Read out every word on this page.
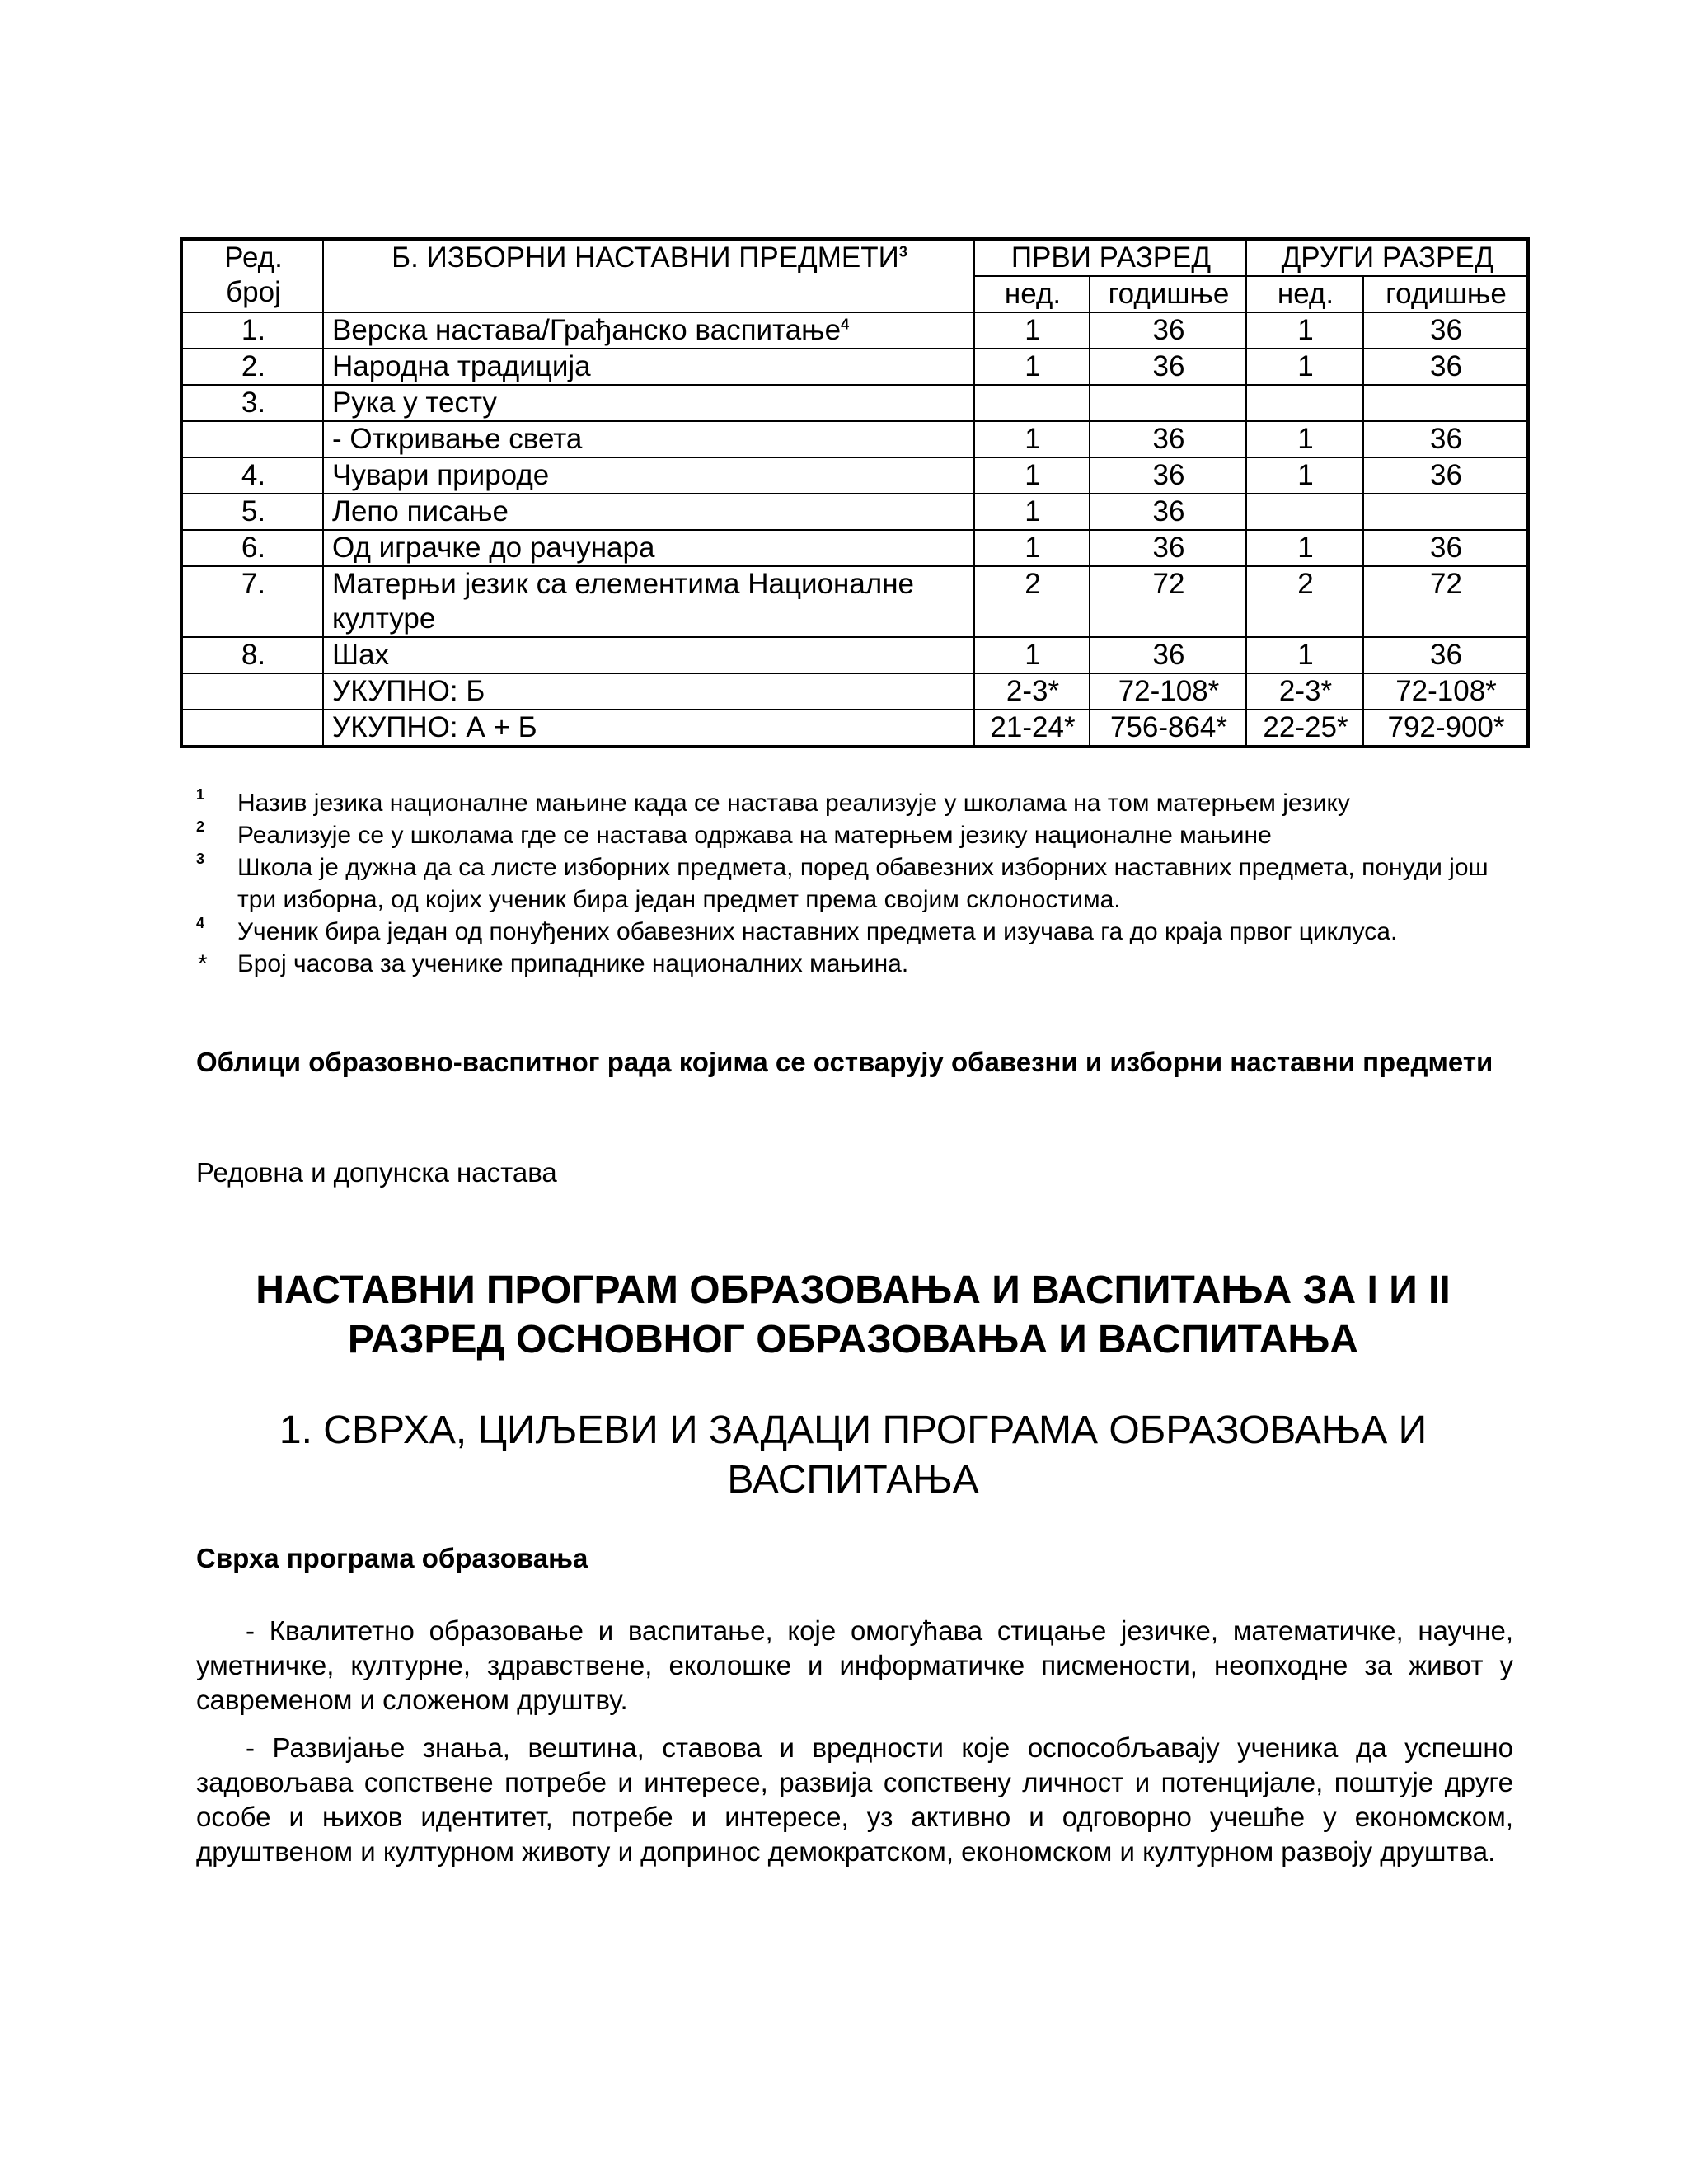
Ред.
број	Б. ИЗБОРНИ НАСТАВНИ ПРЕДМЕТИ$^3$	ПРВИ РАЗРЕД		ДРУГИ РАЗРЕД	
		нед.	годишње	нед.	годишње
1.	Верска настава/Грађанско васпитање$^4$	1	36	1	36
2.	Народна традиција	1	36	1	36
3.	Рука у тесту				
	- Откривање света	1	36	1	36
4.	Чувари природе	1	36	1	36
5.	Лепо писање	1	36		
6.	Од играчке до рачунара	1	36	1	36
7.	Матерњи језик са елементима Националне културе	2	72	2	72
8.	Шах	1	36	1	36
	УКУПНО: Б	2-3*	72-108*	2-3*	72-108*
	УКУПНО: А + Б	21-24*	756-864*	22-25*	792-900*
1 Назив језика националне мањине када се настава реализује у школама на том матерњем језику
2 Реализује се у школама где се настава одржава на матерњем језику националне мањине
3 Школа је дужна да са листе изборних предмета, поред обавезних изборних наставних предмета, понуди још три изборна, од којих ученик бира један предмет према својим склоностима.
4 Ученик бира један од понуђених обавезних наставних предмета и изучава га до краја првог циклуса.
* Број часова за ученике припаднике националних мањина.
Облици образовно-васпитног рада којима се остварују обавезни и изборни наставни предмети
Редовна и допунска настава
НАСТАВНИ ПРОГРАМ ОБРАЗОВАЊА И ВАСПИТАЊА ЗА I И II
РАЗРЕД ОСНОВНОГ ОБРАЗОВАЊА И ВАСПИТАЊА
1. СВРХА, ЦИЉЕВИ И ЗАДАЦИ ПРОГРАМА ОБРАЗОВАЊА И
ВАСПИТАЊА
Сврха програма образовања
- Квалитетно образовање и васпитање, које омогућава стицање језичке, математичке, научне, уметничке, културне, здравствене, еколошке и информатичке писмености, неопходне за живот у савременом и сложеном друштву.
- Развијање знања, вештина, ставова и вредности које оспособљавају ученика да успешно задовољава сопствене потребе и интересе, развија сопствену личност и потенцијале, поштује друге особе и њихов идентитет, потребе и интересе, уз активно и одговорно учешће у економском, друштвеном и културном животу и допринос демократском, економском и културном развоју друштва.
